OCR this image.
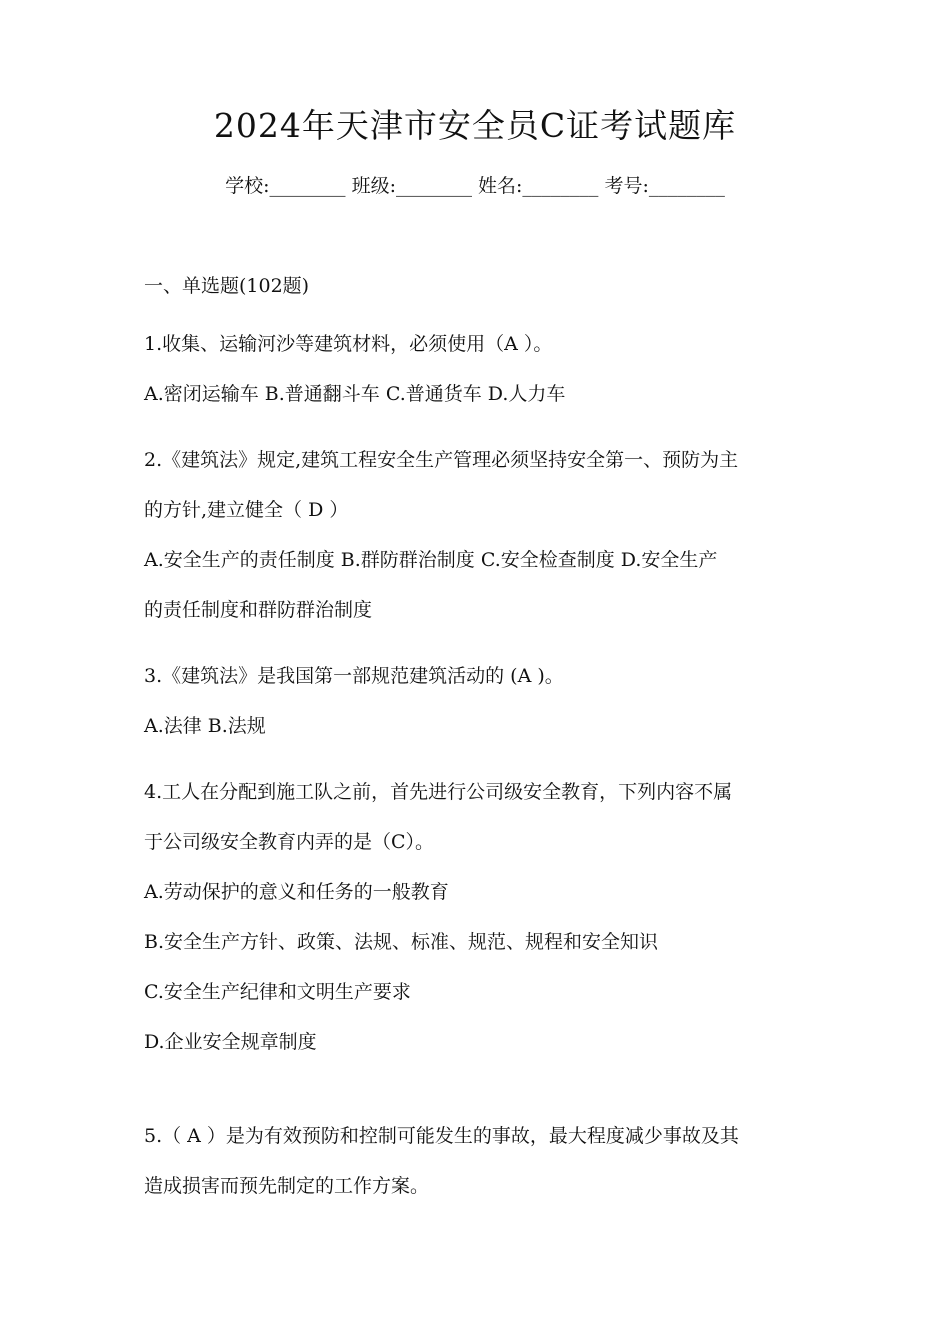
2024年天津市安全员C证考试题库
学校:________ 班级:________ 姓名:________ 考号:________
一、单选题(102题)
1.收集、运输河沙等建筑材料，必须使用（A ）。
A.密闭运输车 B.普通翻斗车 C.普通货车 D.人力车
2.《建筑法》规定,建筑工程安全生产管理必须坚持安全第一、预防为主
的方针,建立健全（ D ）
A.安全生产的责任制度 B.群防群治制度 C.安全检查制度 D.安全生产
的责任制度和群防群治制度
3.《建筑法》是我国第一部规范建筑活动的 (A )。
A.法律 B.法规
4.工人在分配到施工队之前，首先进行公司级安全教育，下列内容不属
于公司级安全教育内弄的是（C）。
A.劳动保护的意义和任务的一般教育
B.安全生产方针、政策、法规、标准、规范、规程和安全知识
C.安全生产纪律和文明生产要求
D.企业安全规章制度
5.（ A ）是为有效预防和控制可能发生的事故，最大程度减少事故及其
造成损害而预先制定的工作方案。
